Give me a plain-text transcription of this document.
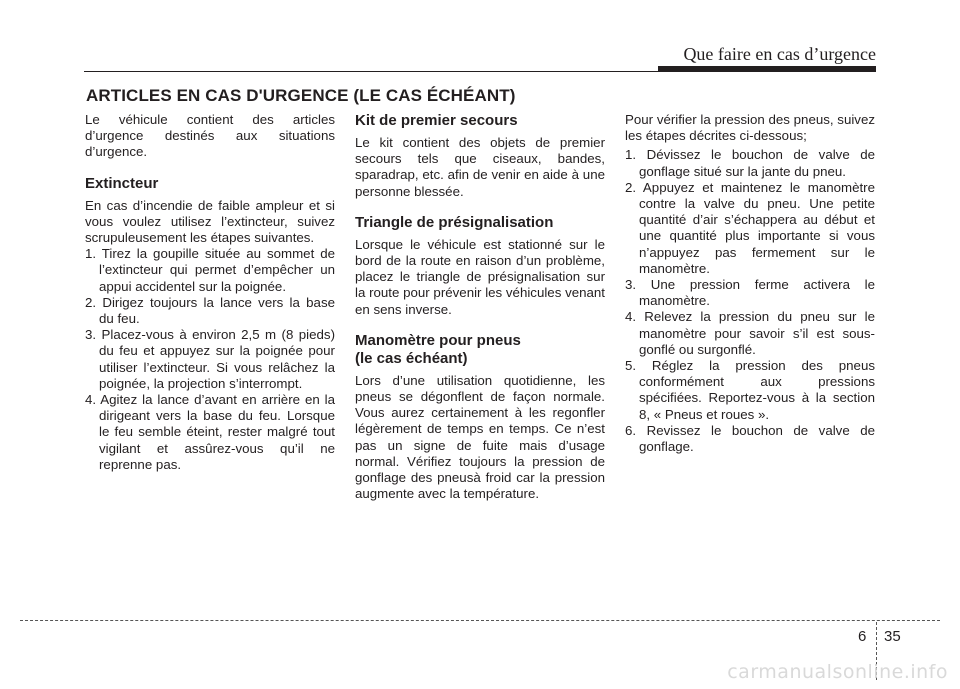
Que faire en cas d’urgence
ARTICLES EN CAS D'URGENCE (LE CAS ÉCHÉANT)

Le véhicule contient des articles d’urgence destinés aux situations d’urgence.

Extincteur

En cas d’incendie de faible ampleur et si vous voulez utilisez l’extincteur, suivez scrupuleusement les étapes suivantes.

1. Tirez la goupille située au sommet de l’extincteur qui permet d’empêcher un appui accidentel sur la poignée.
2. Dirigez toujours la lance vers la base du feu.
3. Placez-vous à environ 2,5 m (8 pieds) du feu et appuyez sur la poignée pour utiliser l’extincteur. Si vous relâchez la poignée, la projection s’interrompt.
4. Agitez la lance d’avant en arrière en la dirigeant vers la base du feu. Lorsque le feu semble éteint, rester malgré tout vigilant et assûrez-vous qu’il ne reprenne pas.
Kit de premier secours

Le kit contient des objets de premier secours tels que ciseaux, bandes, sparadrap, etc. afin de venir en aide à une personne blessée.

Triangle de présignalisation

Lorsque le véhicule est stationné sur le bord de la route en raison d’un problème, placez le triangle de présignalisation sur la route pour prévenir les véhicules venant en sens inverse.

Manomètre pour pneus
(le cas échéant)

Lors d’une utilisation quotidienne, les pneus se dégonflent de façon normale. Vous aurez certainement à les regonfler légèrement de temps en temps. Ce n’est pas un signe de fuite mais d’usage normal. Vérifiez toujours la pression de gonflage des pneusà froid car la pression augmente avec la température.

Pour vérifier la pression des pneus, suivez les étapes décrites ci-dessous;

1. Dévissez le bouchon de valve de gonflage situé sur la jante du pneu.
2. Appuyez et maintenez le manomètre contre la valve du pneu. Une petite quantité d’air s’échappera au début et une quantité plus importante si vous n’appuyez pas fermement sur le manomètre.
3. Une pression ferme activera le manomètre.
4. Relevez la pression du pneu sur le manomètre pour savoir s’il est sous-gonflé ou surgonflé.
5. Réglez la pression des pneus conformément aux pressions spécifiées. Reportez-vous à la section 8, « Pneus et roues ».
6. Revissez le bouchon de valve de gonflage.
6 35
carmanualsonline.info
